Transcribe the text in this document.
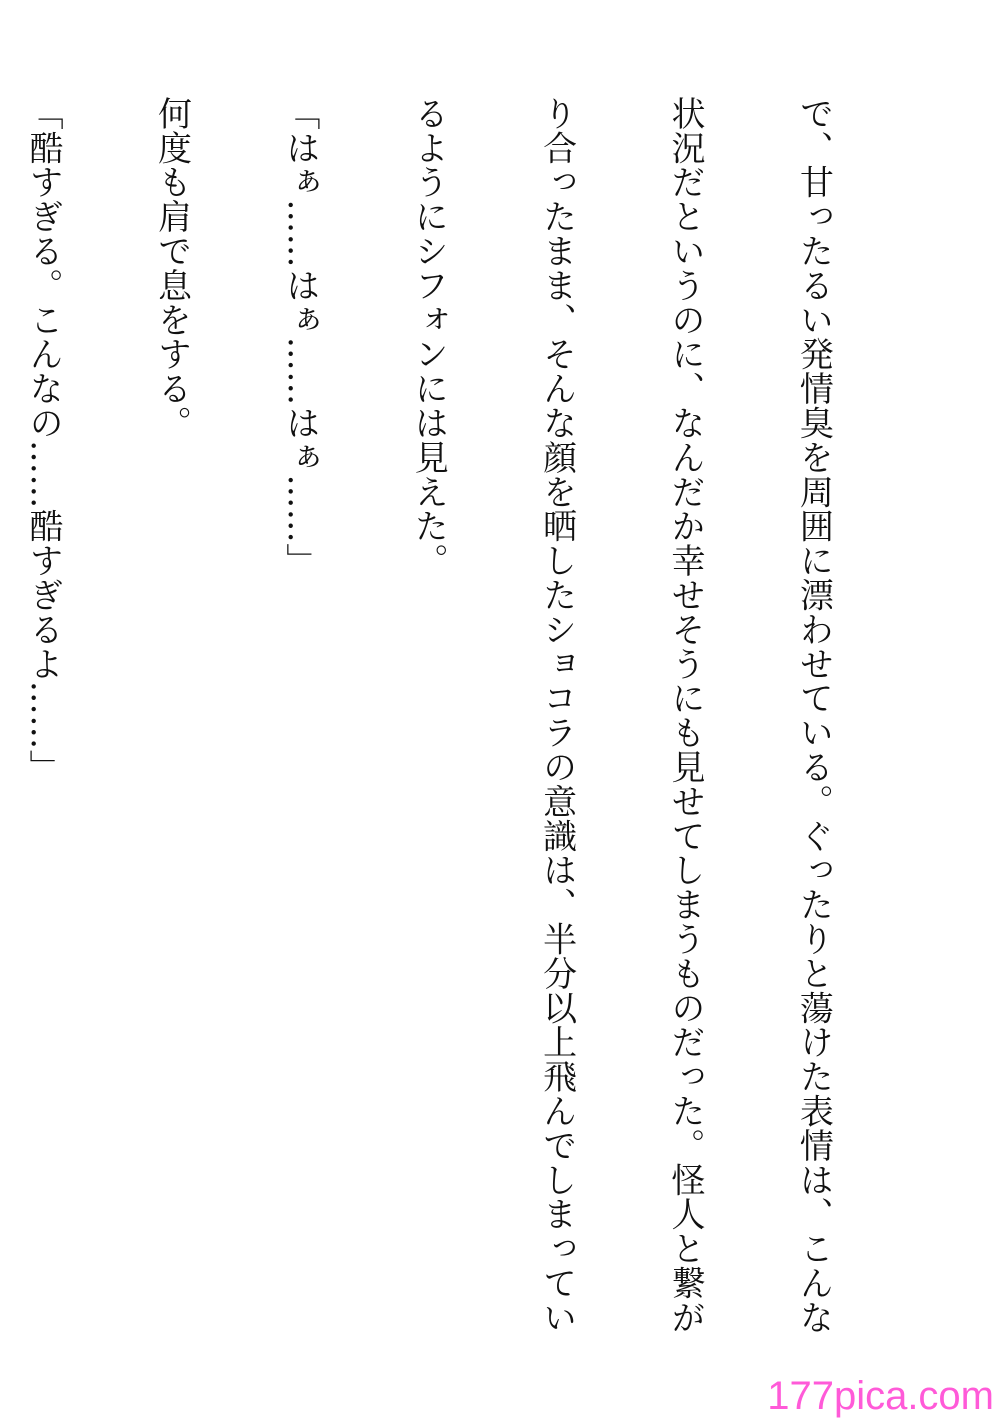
で、甘ったるい発情臭を周囲に漂わせている。ぐったりと蕩けた表情は、こんな

状況だというのに、なんだか幸せそうにも見せてしまうものだった。怪人と繋が

り合ったまま、そんな顔を晒したショコラの意識は、半分以上飛んでしまってい

るようにシフォンには見えた。

「はぁ……はぁ……はぁ……」

何度も肩で息をする。

「酷すぎる。こんなの……酷すぎるよ……」

177pica.com
